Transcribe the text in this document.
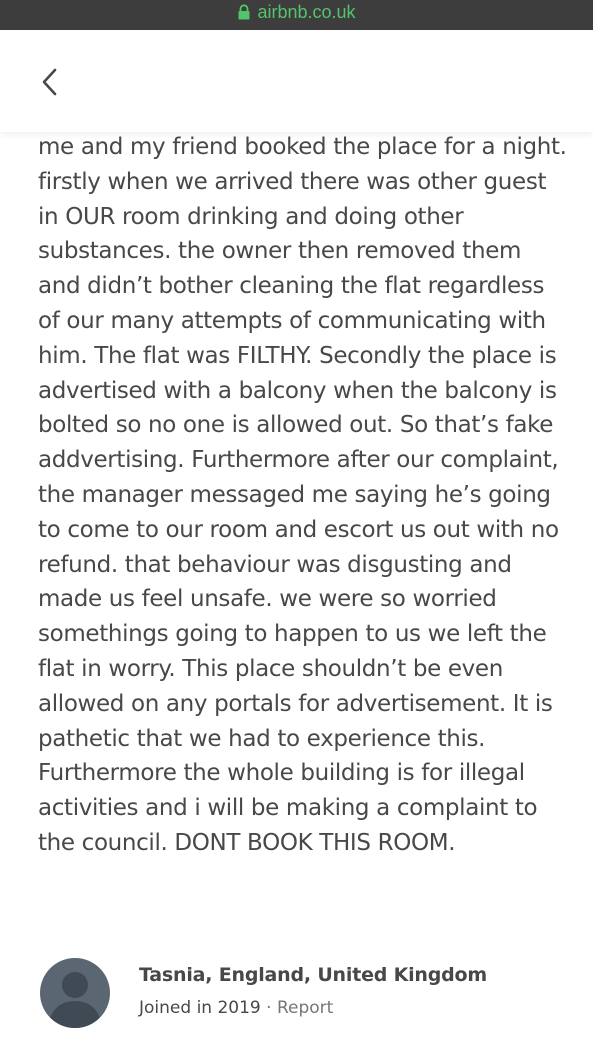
airbnb.co.uk

me and my friend booked the place for a night. firstly when we arrived there was other guest in OUR room drinking and doing other substances. the owner then removed them and didn’t bother cleaning the flat regardless of our many attempts of communicating with him. The flat was FILTHY. Secondly the place is advertised with a balcony when the balcony is bolted so no one is allowed out. So that’s fake addvertising. Furthermore after our complaint, the manager messaged me saying he’s going to come to our room and escort us out with no refund. that behaviour was disgusting and made us feel unsafe. we were so worried somethings going to happen to us we left the flat in worry. This place shouldn’t be even allowed on any portals for advertisement. It is pathetic that we had to experience this. Furthermore the whole building is for illegal activities and i will be making a complaint to the council. DONT BOOK THIS ROOM.

Tasnia, England, United Kingdom
Joined in 2019 · Report
